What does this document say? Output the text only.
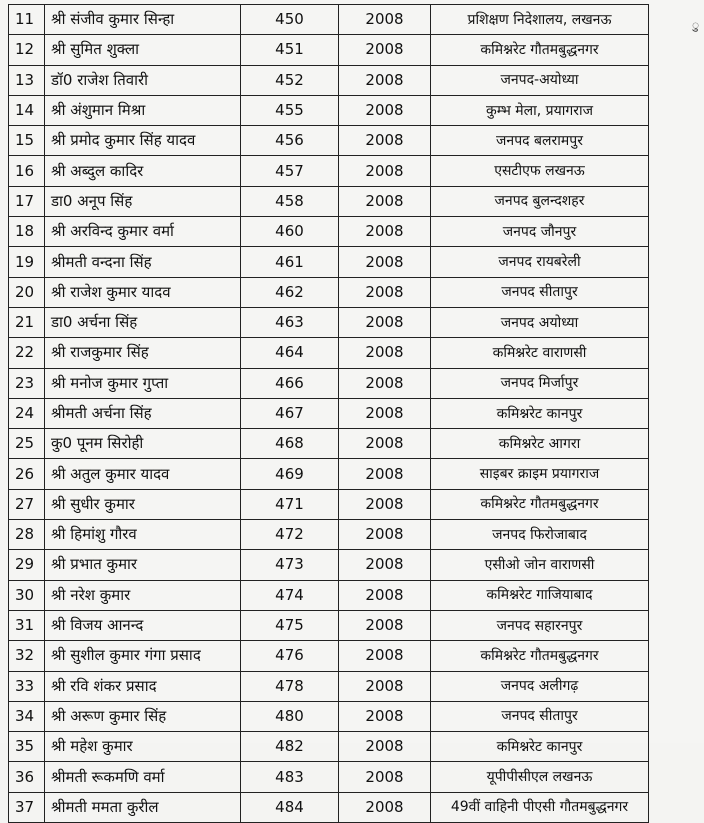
11	श्री संजीव कुमार सिन्हा	450	2008	प्रशिक्षण निदेशालय, लखनऊ
12	श्री सुमित शुक्ला	451	2008	कमिश्नरेट गौतमबुद्धनगर
13	डॉ0 राजेश तिवारी	452	2008	जनपद-अयोध्या
14	श्री अंशुमान मिश्रा	455	2008	कुम्भ मेला, प्रयागराज
15	श्री प्रमोद कुमार सिंह यादव	456	2008	जनपद बलरामपुर
16	श्री अब्दुल कादिर	457	2008	एसटीएफ लखनऊ
17	डा0 अनूप सिंह	458	2008	जनपद बुलन्दशहर
18	श्री अरविन्द कुमार वर्मा	460	2008	जनपद जौनपुर
19	श्रीमती वन्दना सिंह	461	2008	जनपद रायबरेली
20	श्री राजेश कुमार यादव	462	2008	जनपद सीतापुर
21	डा0 अर्चना सिंह	463	2008	जनपद अयोध्या
22	श्री राजकुमार सिंह	464	2008	कमिश्नरेट वाराणसी
23	श्री मनोज कुमार गुप्ता	466	2008	जनपद मिर्जापुर
24	श्रीमती अर्चना सिंह	467	2008	कमिश्नरेट कानपुर
25	कु0 पूनम सिरोही	468	2008	कमिश्नरेट आगरा
26	श्री अतुल कुमार यादव	469	2008	साइबर क्राइम प्रयागराज
27	श्री सुधीर कुमार	471	2008	कमिश्नरेट गौतमबुद्धनगर
28	श्री हिमांशु गौरव	472	2008	जनपद फिरोजाबाद
29	श्री प्रभात कुमार	473	2008	एसीओ जोन वाराणसी
30	श्री नरेश कुमार	474	2008	कमिश्नरेट गाजियाबाद
31	श्री विजय आनन्द	475	2008	जनपद सहारनपुर
32	श्री सुशील कुमार गंगा प्रसाद	476	2008	कमिश्नरेट गौतमबुद्धनगर
33	श्री रवि शंकर प्रसाद	478	2008	जनपद अलीगढ़
34	श्री अरूण कुमार सिंह	480	2008	जनपद सीतापुर
35	श्री महेश कुमार	482	2008	कमिश्नरेट कानपुर
36	श्रीमती रूकमणि वर्मा	483	2008	यूपीपीसीएल लखनऊ
37	श्रीमती ममता कुरील	484	2008	49वीं वाहिनी पीएसी गौतमबुद्धनगर
ु
